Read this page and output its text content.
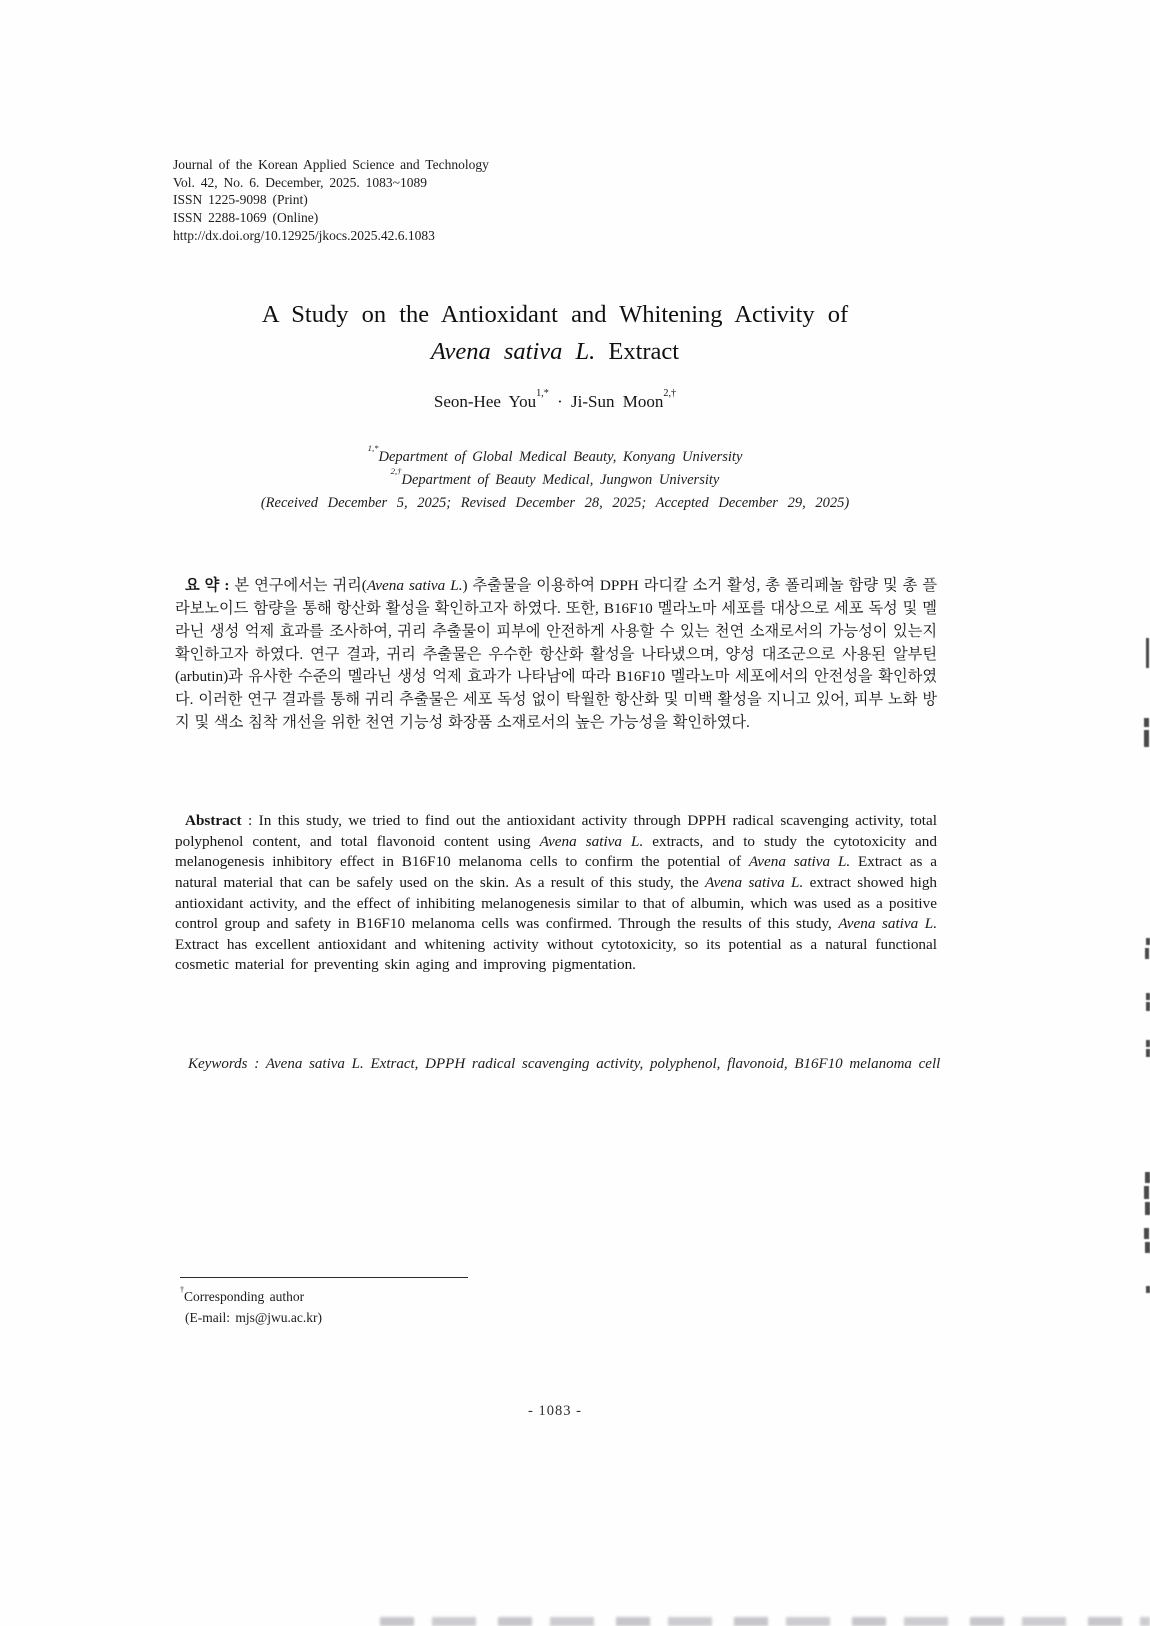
Journal of the Korean Applied Science and Technology
Vol. 42, No. 6. December, 2025. 1083~1089
ISSN 1225-9098 (Print)
ISSN 2288-1069 (Online)
http://dx.doi.org/10.12925/jkocs.2025.42.6.1083
A Study on the Antioxidant and Whitening Activity of
Avena sativa L. Extract
Seon-Hee You$^{1,*}$ · Ji-Sun Moon$^{2,\dagger}$
$^{1,*}$Department of Global Medical Beauty, Konyang University
$^{2,\dagger}$Department of Beauty Medical, Jungwon University
(Received December 5, 2025; Revised December 28, 2025; Accepted December 29, 2025)

요 약 : 본 연구에서는 귀리(Avena sativa L.) 추출물을 이용하여 DPPH 라디칼 소거 활성, 총 폴리페놀 함량 및 총 플라보노이드 함량을 통해 항산화 활성을 확인하고자 하였다. 또한, B16F10 멜라노마 세포를 대상으로 세포 독성 및 멜라닌 생성 억제 효과를 조사하여, 귀리 추출물이 피부에 안전하게 사용할 수 있는 천연 소재로서의 가능성이 있는지 확인하고자 하였다. 연구 결과, 귀리 추출물은 우수한 항산화 활성을 나타냈으며, 양성 대조군으로 사용된 알부틴(arbutin)과 유사한 수준의 멜라닌 생성 억제 효과가 나타남에 따라 B16F10 멜라노마 세포에서의 안전성을 확인하였다. 이러한 연구 결과를 통해 귀리 추출물은 세포 독성 없이 탁월한 항산화 및 미백 활성을 지니고 있어, 피부 노화 방지 및 색소 침착 개선을 위한 천연 기능성 화장품 소재로서의 높은 가능성을 확인하였다.

Abstract : In this study, we tried to find out the antioxidant activity through DPPH radical scavenging activity, total polyphenol content, and total flavonoid content using Avena sativa L. extracts, and to study the cytotoxicity and melanogenesis inhibitory effect in B16F10 melanoma cells to confirm the potential of Avena sativa L. Extract as a natural material that can be safely used on the skin. As a result of this study, the Avena sativa L. extract showed high antioxidant activity, and the effect of inhibiting melanogenesis similar to that of albumin, which was used as a positive control group and safety in B16F10 melanoma cells was confirmed. Through the results of this study, Avena sativa L. Extract has excellent antioxidant and whitening activity without cytotoxicity, so its potential as a natural functional cosmetic material for preventing skin aging and improving pigmentation.

Keywords : Avena sativa L. Extract, DPPH radical scavenging activity, polyphenol, flavonoid, B16F10 melanoma cell

†Corresponding author
(E-mail: mjs@jwu.ac.kr)
- 1083 -
